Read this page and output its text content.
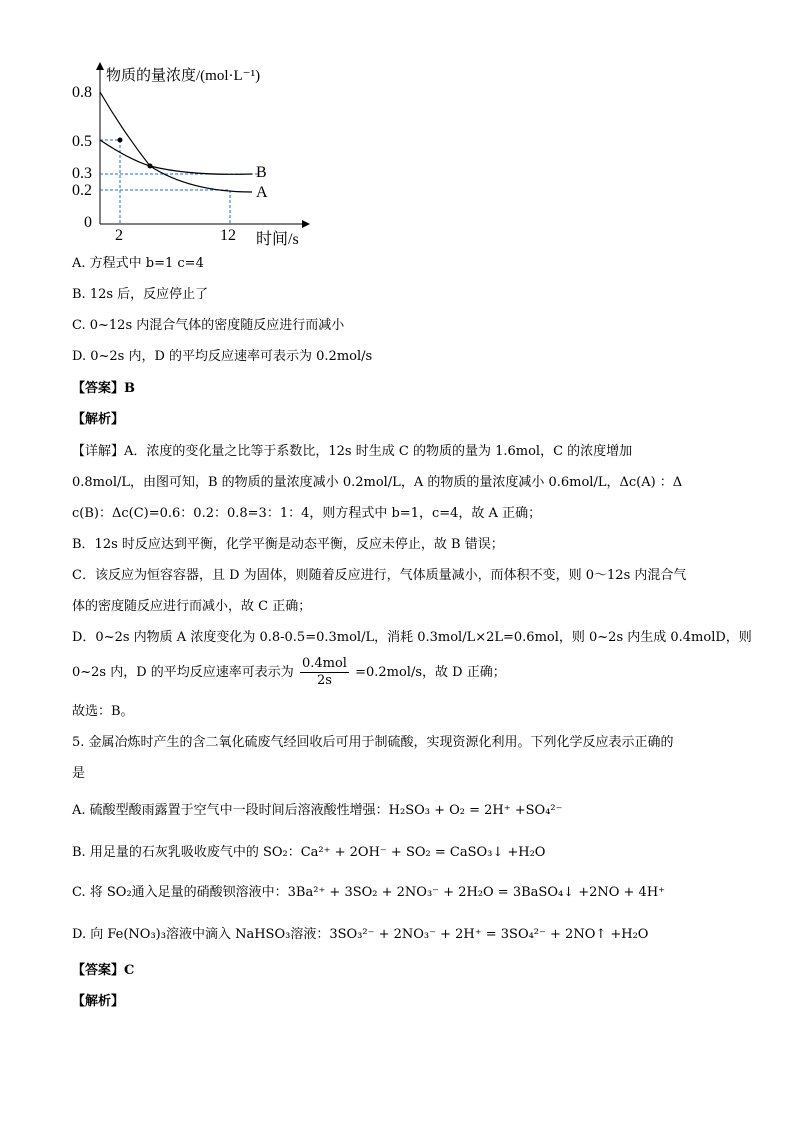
物质的量浓度/(mol·L⁻¹)
时间/s
0.8
0.5
0.3
0.2
0
2	12
B
A
A. 方程式中 b=1 c=4
B. 12s 后，反应停止了
C. 0~12s 内混合气体的密度随反应进行而减小
D. 0~2s 内，D 的平均反应速率可表示为 0.2mol/s
【答案】B
【解析】
【详解】A．浓度的变化量之比等于系数比，12s 时生成 C 的物质的量为 1.6mol，C 的浓度增加
0.8mol/L，由图可知，B 的物质的量浓度减小 0.2mol/L，A 的物质的量浓度减小 0.6mol/L，Δc(A) ：Δ
c(B)：Δc(C)=0.6：0.2：0.8=3：1：4，则方程式中 b=1，c=4，故 A 正确；
B．12s 时反应达到平衡，化学平衡是动态平衡，反应未停止，故 B 错误；
C．该反应为恒容容器，且 D 为固体，则随着反应进行，气体质量减小，而体积不变，则 0～12s 内混合气
体的密度随反应进行而减小，故 C 正确；
D．0~2s 内物质 A 浓度变化为 0.8-0.5=0.3mol/L，消耗 0.3mol/L×2L=0.6mol，则 0~2s 内生成 0.4molD，则
0~2s 内，D 的平均反应速率可表示为 $\frac{\text{0.4mol}}{2s} =0.2mol/s$，故 D 正确；
故选：B。
5. 金属冶炼时产生的含二氧化硫废气经回收后可用于制硫酸，实现资源化利用。下列化学反应表示正确的
是
A. 硫酸型酸雨露置于空气中一段时间后溶液酸性增强：H₂SO₃ + O₂ = 2H⁺ +SO₄²⁻
B. 用足量的石灰乳吸收废气中的 SO₂：Ca²⁺ + 2OH⁻ + SO₂ = CaSO₃↓ +H₂O
C. 将 SO₂通入足量的硝酸钡溶液中：3Ba²⁺ + 3SO₂ + 2NO₃⁻ + 2H₂O = 3BaSO₄↓ +2NO + 4H⁺
D. 向 Fe(NO₃)₃溶液中滴入 NaHSO₃溶液：3SO₃²⁻ + 2NO₃⁻ + 2H⁺ = 3SO₄²⁻ + 2NO↑ +H₂O
【答案】C
【解析】
